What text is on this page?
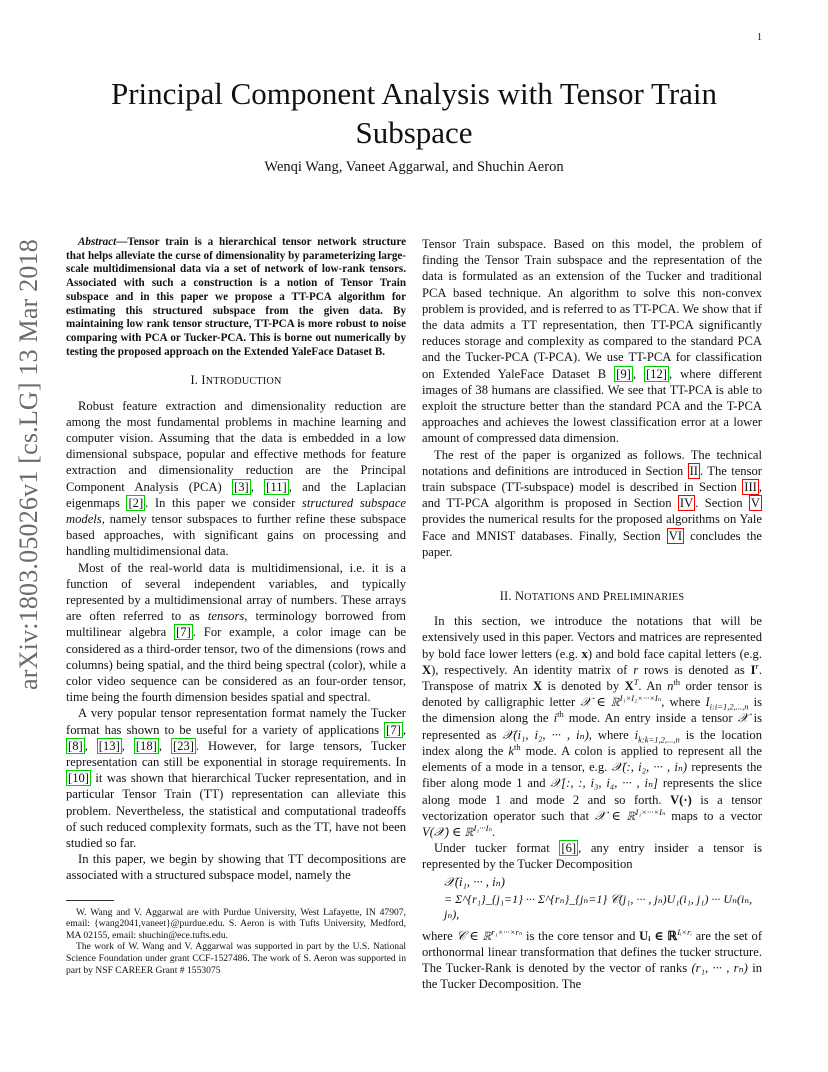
1
arXiv:1803.05026v1 [cs.LG] 13 Mar 2018
Principal Component Analysis with Tensor Train Subspace
Wenqi Wang, Vaneet Aggarwal, and Shuchin Aeron

Abstract—Tensor train is a hierarchical tensor network structure that helps alleviate the curse of dimensionality by parameterizing large-scale multidimensional data via a set of network of low-rank tensors. Associated with such a construction is a notion of Tensor Train subspace and in this paper we propose a TT-PCA algorithm for estimating this structured subspace from the given data. By maintaining low rank tensor structure, TT-PCA is more robust to noise comparing with PCA or Tucker-PCA. This is borne out numerically by testing the proposed approach on the Extended YaleFace Dataset B.

I. INTRODUCTION

Robust feature extraction and dimensionality reduction are among the most fundamental problems in machine learning and computer vision. Assuming that the data is embedded in a low dimensional subspace, popular and effective methods for feature extraction and dimensionality reduction are the Principal Component Analysis (PCA) [3] , [11] , and the Laplacian eigenmaps [2] . In this paper we consider structured subspace models, namely tensor subspaces to further refine these subspace based approaches, with significant gains on processing and handling multidimensional data.

Most of the real-world data is multidimensional, i.e. it is a function of several independent variables, and typically represented by a multidimensional array of numbers. These arrays are often referred to as tensors, terminology borrowed from multilinear algebra [7] . For example, a color image can be considered as a third-order tensor, two of the dimensions (rows and columns) being spatial, and the third being spectral (color), while a color video sequence can be considered as an four-order tensor, time being the fourth dimension besides spatial and spectral.

A very popular tensor representation format namely the Tucker format has shown to be useful for a variety of applications [7] , [8] , [13] , [18] , [23] . However, for large tensors, Tucker representation can still be exponential in storage requirements. In [10] it was shown that hierarchical Tucker representation, and in particular Tensor Train (TT) representation can alleviate this problem. Nevertheless, the statistical and computational tradeoffs of such reduced complexity formats, such as the TT, have not been studied so far.

In this paper, we begin by showing that TT decompositions are associated with a structured subspace model, namely the

W. Wang and V. Aggarwal are with Purdue University, West Lafayette, IN 47907, email: {wang2041,vaneet}@purdue.edu. S. Aeron is with Tufts University, Medford, MA 02155, email: shuchin@ece.tufts.edu.

The work of W. Wang and V. Aggarwal was supported in part by the U.S. National Science Foundation under grant CCF-1527486. The work of S. Aeron was supported in part by NSF CAREER Grant # 1553075

Tensor Train subspace. Based on this model, the problem of finding the Tensor Train subspace and the representation of the data is formulated as an extension of the Tucker and traditional PCA based technique. An algorithm to solve this non-convex problem is provided, and is referred to as TT-PCA. We show that if the data admits a TT representation, then TT-PCA significantly reduces storage and complexity as compared to the standard PCA and the Tucker-PCA (T-PCA). We use TT-PCA for classification on Extended YaleFace Dataset B [9] , [12] , where different images of 38 humans are classified. We see that TT-PCA is able to exploit the structure better than the standard PCA and the T-PCA approaches and achieves the lowest classification error at a lower amount of compressed data dimension.

The rest of the paper is organized as follows. The technical notations and definitions are introduced in Section II . The tensor train subspace (TT-subspace) model is described in Section III , and TT-PCA algorithm is proposed in Section IV . Section V provides the numerical results for the proposed algorithms on Yale Face and MNIST databases. Finally, Section VI concludes the paper.

II. NOTATIONS AND PRELIMINARIES

In this section, we introduce the notations that will be extensively used in this paper. Vectors and matrices are represented by bold face lower letters (e.g. x) and bold face capital letters (e.g. X), respectively. An identity matrix of r rows is denoted as $I^r$. Transpose of matrix X is denoted by $X^T$. An $n^{th}$ order tensor is denoted by calligraphic letter 𝒳 ∈ ℝ$^{I_1\times I_2\times\cdot\cdot\cdot\times I_n}$, where $I_{i:i=1,2,...,n}$ is the dimension along the $i^{th}$ mode. An entry inside a tensor 𝒳 is represented as 𝒳(i₁, i₂, ··· , iₙ), where $i_{k:k=1,2,...,n}$ is the location index along the $k^{th}$ mode. A colon is applied to represent all the elements of a mode in a tensor, e.g. 𝒳(:, i₂, ··· , iₙ) represents the fiber along mode 1 and 𝒳[:, :, i₃, i₄, ··· , iₙ] represents the slice along mode 1 and mode 2 and so forth. V(·) is a tensor vectorization operator such that 𝒳 ∈ ℝ$^{I_1\times\cdot\cdot\cdot\times I_n}$ maps to a vector V(𝒳) ∈ ℝ$^{I_1\cdot\cdot\cdot I_n}$.

Under tucker format [6] , any entry insider a tensor is represented by the Tucker Decomposition

𝒳(i₁, ··· , iₙ)
= Σ^{r₁}_{j₁=1} ··· Σ^{rₙ}_{jₙ=1} 𝒞(j₁, ··· , jₙ)U₁(i₁, j₁) ··· Uₙ(iₙ, jₙ),

where 𝒞 ∈ ℝ$^{r_1\times\cdot\cdot\cdot\times r_n}$ is the core tensor and Uᵢ ∈ ℝ$^{Iᵢ\times rᵢ}$ are the set of orthonormal linear transformation that defines the tucker structure. The Tucker-Rank is denoted by the vector of ranks (r₁, ··· , rₙ) in the Tucker Decomposition. The
